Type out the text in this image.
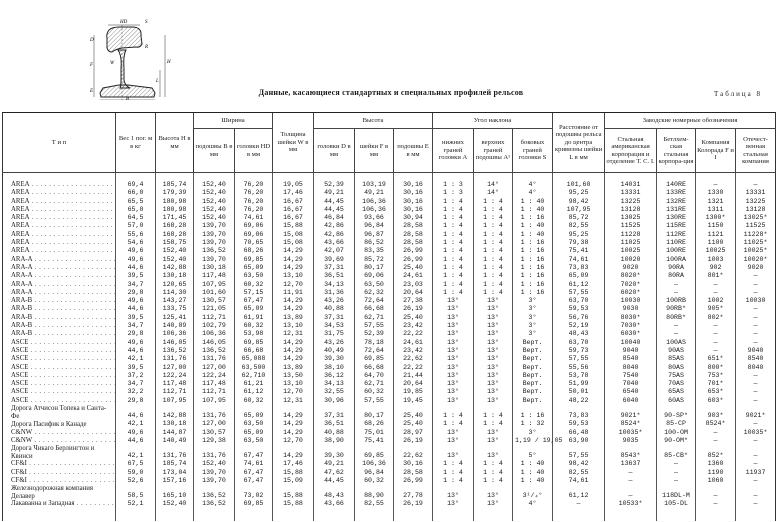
HD	S
D
F
E
R
W	H
L
B
Данные, касающиеся стандартных и специальных профилей рельсов	Таблица 8
Т и п	Вес 1 пог. м в кг	Высота H в мм	Ширина		Толщина шейки W в мм	Высота			Угол наклона			Расстояние от подошвы рельса до центра кривизны шейки L в мм	Заводские номерные обозначения			
			подошвы B в мм	головки HD в мм		головки D в мм	шейки F в мм	подошвы E в мм	нижних граней головки A	верхних граней подошвы A¹	боковых граней головки S		Стальная американская корпорация и отделение Т. С. I.	Бетлхем-ская стальная корпора-ция	Компания Колорада F и I	Отечест-венная стальная компания
AREA . . .	69,4	185,74	152,40	76,20	19,05	52,39	103,19	30,16	1 : 3	14°	4°	101,60	14031	140RE	—	—
AREA . . .	66,0	179,39	152,40	76,20	17,46	49,21	49,21	30,16	1 : 3	14°	4°	95,25	13331	133RE	1330	13331
AREA . . .	65,5	180,98	152,40	76,20	16,67	44,45	106,36	30,16	1 : 4	1 : 4	1 : 40	98,42	13225	132RE	1321	13225
AREA . . .	65,0	180,98	152,40	76,20	16,67	44,45	106,36	30,16	1 : 4	1 : 4	1 : 40	107,95	13128	131RE	1311	13128
AREA . . .	64,5	171,45	152,40	74,61	16,67	46,84	93,66	30,94	1 : 4	1 : 4	1 : 16	85,72	13025	130RE	1300*	13025*
AREA . . .	57,0	168,28	139,70	69,06	15,88	42,86	96,84	28,58	1 : 4	1 : 4	1 : 40	82,55	11525	115RE	1150	11525
AREA . . .	55,6	168,28	139,70	69,06	15,08	42,86	96,87	28,58	1 : 4	1 : 4	1 : 40	95,25	11228	112RE	1121	11228*
AREA . . .	54,6	158,75	139,70	70,65	15,08	43,66	86,52	28,58	1 : 4	1 : 4	1 : 16	79,38	11025	110RE	1100	11025*
AREA . . .	49,6	152,40	136,52	68,26	14,29	42,07	83,35	26,99	1 : 4	1 : 4	1 : 16	75,41	10025	100RE	10025	10025*
ARA-A . . .	49,6	152,40	139,70	69,85	14,29	39,69	85,72	26,99	1 : 4	1 : 4	1 : 16	74,61	10020	100RA	1003	10020*
ARA-A . . .	44,6	142,88	130,18	65,09	14,29	37,31	80,17	25,40	1 : 4	1 : 4	1 : 16	73,83	9020	90RA	902	9020
ARA-A . . .	39,5	130,18	117,48	63,50	13,10	36,51	69,06	24,61	1 : 4	1 : 4	1 : 16	65,09	8020*	80RA	801*	—
ARA-A . . .	34,7	120,65	107,95	60,32	12,70	34,13	63,50	23,03	1 : 4	1 : 4	1 : 16	61,12	7020*	—	—	—
ARA-A . . .	29,8	114,30	101,60	57,15	11,91	31,36	62,32	20,64	1 : 4	1 : 4	1 : 16	57,55	6020*	—	—	—
ARA-B . . .	49,6	143,27	130,57	67,47	14,29	43,26	72,64	27,38	13°	13°	3°	63,70	10030	100RB	1002	10030
ARA-B . . .	44,6	133,75	121,05	65,09	14,29	40,88	66,68	26,19	13°	13°	3°	59,53	9030	90RB*	905*	—
ARA-B . . .	39,5	125,41	112,71	61,91	13,89	37,31	62,71	25,40	13°	13°	3°	56,76	8030*	80RB*	802*	—
ARA-B . . .	34,7	140,89	102,79	60,32	13,10	34,53	57,55	23,42	13°	13°	3°	52,19	7030*	—	—	—
ARA-B . . .	29,8	106,36	106,36	53,98	12,31	31,75	52,39	22,22	13°	13°	3°	48,43	6030*	—	—	—
ASCE . . .	49,6	146,05	146,05	69,85	14,29	43,26	78,18	24,61	13°	13°	Верт.	63,70	10040	100AS	—	—
ASCE . . .	44,6	136,52	136,52	66,68	14,29	40,49	72,64	23,42	13°	13°	Верт.	59,73	9040	90AS	—	9040
ASCE . . .	42,1	131,76	131,76	65,088	14,29	39,30	69,85	22,62	13°	13°	Верт.	57,55	8540	85AS	651*	8540
ASCE . . .	39,5	127,00	127,00	63,500	13,89	38,10	66,68	22,22	13°	13°	Верт.	55,56	8040	80AS	800*	8040
ASCE . . .	37,2	122,24	122,24	62,710	13,50	36,12	64,70	21,44	13°	13°	Верт.	53,78	7540	75AS	753*	—
ASCE . . .	34,7	117,48	117,48	61,21	13,10	34,13	62,71	20,64	13°	13°	Верт.	51,99	7040	70AS	701*	—
ASCE . . .	32,2	112,71	112,71	61,12	12,70	32,55	60,32	19,85	13°	13°	Верт.	50,01	6540	65AS	653*	—
ASCE . . .	29,8	107,95	107,95	60,32	12,31	30,96	57,55	19,45	13°	13°	Верт.	48,22	6040	60AS	603*	—
Дорога Атчисон Топека и Санта-Фе	44,6	142,88	131,76	65,09	14,29	37,31	80,17	25,40	1 : 4	1 : 4	1 : 16	73,83	9021*	90-SP*	903*	9021*
Дорога Пасифик в Канаде	42,1	130,18	127,00	63,50	14,29	36,51	68,26	25,40	1 : 4	1 : 4	1 : 32	59,53	8524*	85-CP	8524*	—
C&NW . . .	49,6	144,87	130,57	65,09	14,29	40,88	75,01	28,97	13°	13°	3°	66,48	10035*	100-OM	—	10035*
C&NW . . .	44,6	140,49	129,38	63,50	12,70	38,90	75,41	26,19	13°	13°	1,19 / 19,05	63,90	9035	90-OM*	—	—
Дорога Чикаго Берлингтон и Квинси	42,1	131,76	131,76	67,47	14,29	39,30	69,85	22,62	13°	13°	5°	57,55	8543*	85-CB*	852*	—
CF&I . . .	67,5	185,74	152,40	74,61	17,46	49,21	106,36	30,16	1 : 4	1 : 4	1 : 40	98,42	13637	—	1360	—
CF&I . . .	59,0	173,04	139,70	67,47	15,88	47,62	96,84	28,58	1 : 4	1 : 4	1 : 40	82,55	—	—	1190	11937
CF&I . . .	52,6	157,16	139,70	67,47	15,09	44,45	60,32	26,99	1 : 4	1 : 4	1 : 40	74,61	—	—	1060	—
Железнодорожная компания Делавер	58,5	165,10	136,52	73,02	15,88	48,43	88,90	27,78	13°	13°	3¹/₄°	61,12	—	118DL-M	—	—
Лакаванна и Западная . . .	52,1	152,40	136,52	69,85	15,88	43,66	82,55	26,19	13°	13°	4°	—	10533*	105-DL	—	—
